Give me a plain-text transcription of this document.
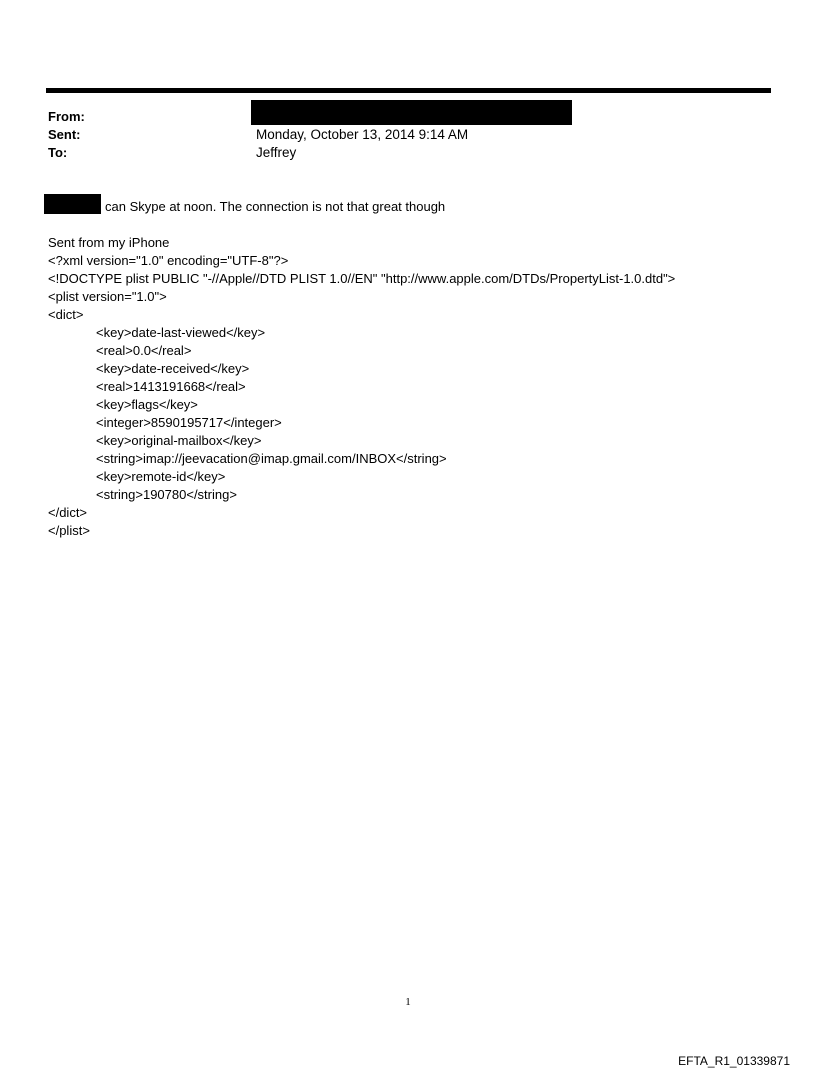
From:
Sent:	Monday, October 13, 2014 9:14 AM
To:	Jeffrey
can Skype at noon. The connection is not that great though
Sent from my iPhone
<?xml version="1.0" encoding="UTF-8"?>
<!DOCTYPE plist PUBLIC "-//Apple//DTD PLIST 1.0//EN" "http://www.apple.com/DTDs/PropertyList-1.0.dtd">
<plist version="1.0">
<dict>
<key>date-last-viewed</key>
<real>0.0</real>
<key>date-received</key>
<real>1413191668</real>
<key>flags</key>
<integer>8590195717</integer>
<key>original-mailbox</key>
<string>imap://jeevacation@imap.gmail.com/INBOX</string>
<key>remote-id</key>
<string>190780</string>
</dict>
</plist>
1
EFTA_R1_01339871
